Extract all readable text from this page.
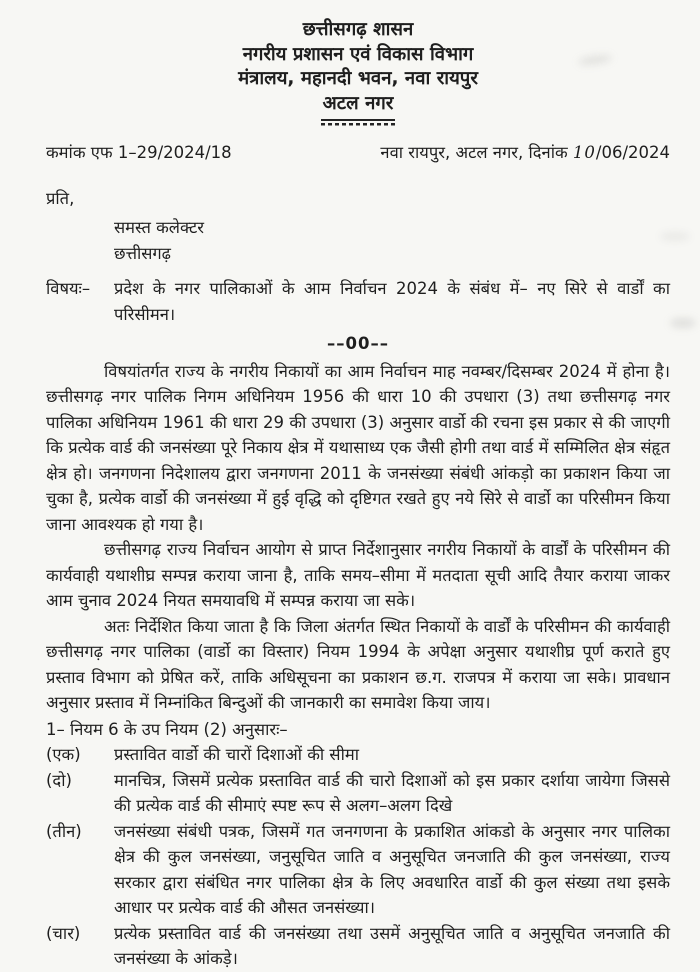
छत्तीसगढ़ शासन
नगरीय प्रशासन एवं विकास विभाग
मंत्रालय, महानदी भवन, नवा रायपुर
अटल नगर
कमांक एफ 1–29/2024/18	नवा रायपुर, अटल नगर, दिनांक 10/06/2024
प्रति,
समस्त कलेक्टर
छत्तीसगढ़
विषयः–	प्रदेश के नगर पालिकाओं के आम निर्वाचन 2024 के संबंध में– नए सिरे से वार्डों का परिसीमन।
––00––

विषयांतर्गत राज्य के नगरीय निकायों का आम निर्वाचन माह नवम्बर/दिसम्बर 2024 में होना है। छत्तीसगढ़ नगर पालिक निगम अधिनियम 1956 की धारा 10 की उपधारा (3) तथा छत्तीसगढ़ नगर पालिका अधिनियम 1961 की धारा 29 की उपधारा (3) अनुसार वार्डो की रचना इस प्रकार से की जाएगी कि प्रत्येक वार्ड की जनसंख्या पूरे निकाय क्षेत्र में यथासाध्य एक जैसी होगी तथा वार्ड में सम्मिलित क्षेत्र संहृत क्षेत्र हो। जनगणना निदेशालय द्वारा जनगणना 2011 के जनसंख्या संबंधी आंकड़ो का प्रकाशन किया जा चुका है, प्रत्येक वार्डो की जनसंख्या में हुई वृद्धि को दृष्टिगत रखते हुए नये सिरे से वार्डो का परिसीमन किया जाना आवश्यक हो गया है।

छत्तीसगढ़ राज्य निर्वाचन आयोग से प्राप्त निर्देशानुसार नगरीय निकायों के वार्डों के परिसीमन की कार्यवाही यथाशीघ्र सम्पन्न कराया जाना है, ताकि समय–सीमा में मतदाता सूची आदि तैयार कराया जाकर आम चुनाव 2024 नियत समयावधि में सम्पन्न कराया जा सके।

अतः निर्देशित किया जाता है कि जिला अंतर्गत स्थित निकायों के वार्डों के परिसीमन की कार्यवाही छत्तीसगढ़ नगर पालिका (वार्डो का विस्तार) नियम 1994 के अपेक्षा अनुसार यथाशीघ्र पूर्ण कराते हुए प्रस्ताव विभाग को प्रेषित करें, ताकि अधिसूचना का प्रकाशन छ.ग. राजपत्र में कराया जा सके। प्रावधान अनुसार प्रस्ताव में निम्नांकित बिन्दुओं की जानकारी का समावेश किया जाय।

1– नियम 6 के उप नियम (2) अनुसारः–
(एक)	प्रस्तावित वार्डो की चारों दिशाओं की सीमा
(दो)	मानचित्र, जिसमें प्रत्येक प्रस्तावित वार्ड की चारो दिशाओं को इस प्रकार दर्शाया जायेगा जिससे की प्रत्येक वार्ड की सीमाएं स्पष्ट रूप से अलग–अलग दिखे
(तीन)	जनसंख्या संबंधी पत्रक, जिसमें गत जनगणना के प्रकाशित आंकडो के अनुसार नगर पालिका क्षेत्र की कुल जनसंख्या, जनुसूचित जाति व अनुसूचित जनजाति की कुल जनसंख्या, राज्य सरकार द्वारा संबंधित नगर पालिका क्षेत्र के लिए अवधारित वार्डो की कुल संख्या तथा इसके आधार पर प्रत्येक वार्ड की औसत जनसंख्या।
(चार)	प्रत्येक प्रस्तावित वार्ड की जनसंख्या तथा उसमें अनुसूचित जाति व अनुसूचित जनजाति की जनसंख्या के आंकड़े।
